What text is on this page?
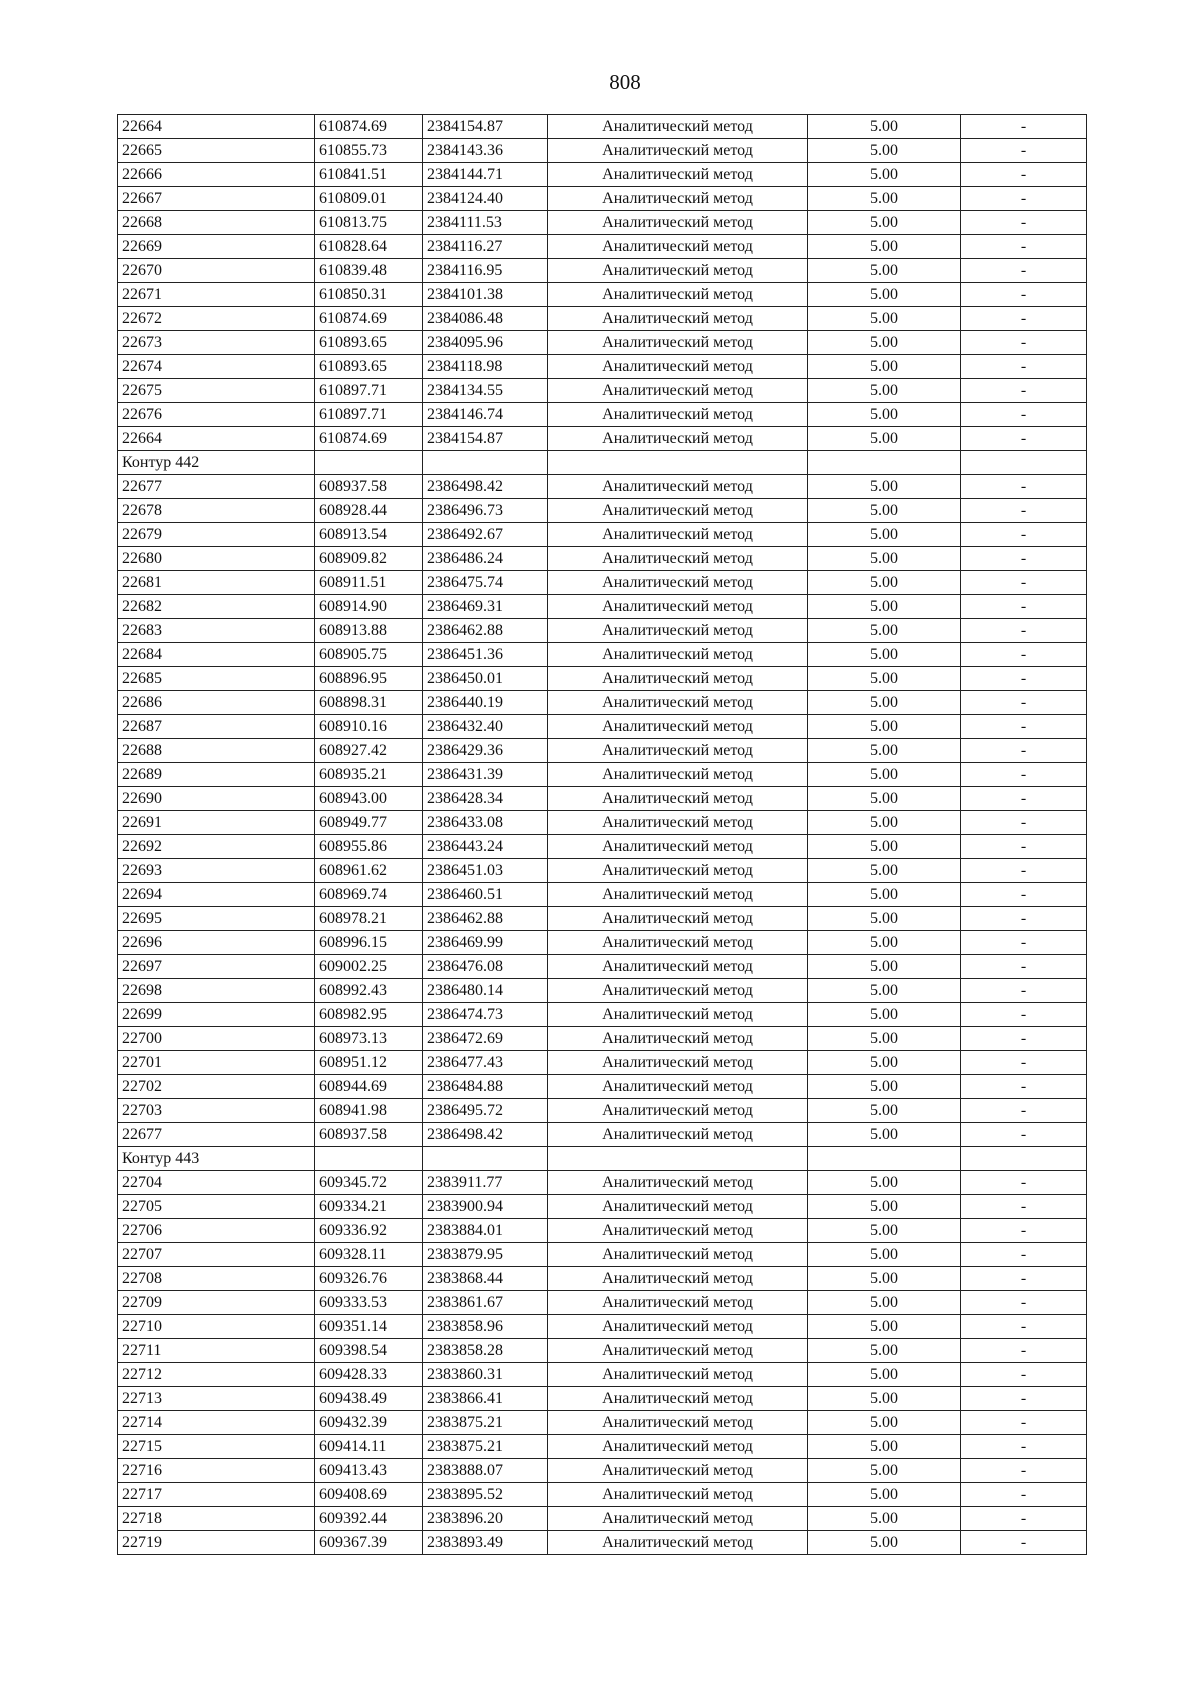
808
22664	610874.69	2384154.87	Аналитический метод	5.00	-
22665	610855.73	2384143.36	Аналитический метод	5.00	-
22666	610841.51	2384144.71	Аналитический метод	5.00	-
22667	610809.01	2384124.40	Аналитический метод	5.00	-
22668	610813.75	2384111.53	Аналитический метод	5.00	-
22669	610828.64	2384116.27	Аналитический метод	5.00	-
22670	610839.48	2384116.95	Аналитический метод	5.00	-
22671	610850.31	2384101.38	Аналитический метод	5.00	-
22672	610874.69	2384086.48	Аналитический метод	5.00	-
22673	610893.65	2384095.96	Аналитический метод	5.00	-
22674	610893.65	2384118.98	Аналитический метод	5.00	-
22675	610897.71	2384134.55	Аналитический метод	5.00	-
22676	610897.71	2384146.74	Аналитический метод	5.00	-
22664	610874.69	2384154.87	Аналитический метод	5.00	-
Контур 442					
22677	608937.58	2386498.42	Аналитический метод	5.00	-
22678	608928.44	2386496.73	Аналитический метод	5.00	-
22679	608913.54	2386492.67	Аналитический метод	5.00	-
22680	608909.82	2386486.24	Аналитический метод	5.00	-
22681	608911.51	2386475.74	Аналитический метод	5.00	-
22682	608914.90	2386469.31	Аналитический метод	5.00	-
22683	608913.88	2386462.88	Аналитический метод	5.00	-
22684	608905.75	2386451.36	Аналитический метод	5.00	-
22685	608896.95	2386450.01	Аналитический метод	5.00	-
22686	608898.31	2386440.19	Аналитический метод	5.00	-
22687	608910.16	2386432.40	Аналитический метод	5.00	-
22688	608927.42	2386429.36	Аналитический метод	5.00	-
22689	608935.21	2386431.39	Аналитический метод	5.00	-
22690	608943.00	2386428.34	Аналитический метод	5.00	-
22691	608949.77	2386433.08	Аналитический метод	5.00	-
22692	608955.86	2386443.24	Аналитический метод	5.00	-
22693	608961.62	2386451.03	Аналитический метод	5.00	-
22694	608969.74	2386460.51	Аналитический метод	5.00	-
22695	608978.21	2386462.88	Аналитический метод	5.00	-
22696	608996.15	2386469.99	Аналитический метод	5.00	-
22697	609002.25	2386476.08	Аналитический метод	5.00	-
22698	608992.43	2386480.14	Аналитический метод	5.00	-
22699	608982.95	2386474.73	Аналитический метод	5.00	-
22700	608973.13	2386472.69	Аналитический метод	5.00	-
22701	608951.12	2386477.43	Аналитический метод	5.00	-
22702	608944.69	2386484.88	Аналитический метод	5.00	-
22703	608941.98	2386495.72	Аналитический метод	5.00	-
22677	608937.58	2386498.42	Аналитический метод	5.00	-
Контур 443					
22704	609345.72	2383911.77	Аналитический метод	5.00	-
22705	609334.21	2383900.94	Аналитический метод	5.00	-
22706	609336.92	2383884.01	Аналитический метод	5.00	-
22707	609328.11	2383879.95	Аналитический метод	5.00	-
22708	609326.76	2383868.44	Аналитический метод	5.00	-
22709	609333.53	2383861.67	Аналитический метод	5.00	-
22710	609351.14	2383858.96	Аналитический метод	5.00	-
22711	609398.54	2383858.28	Аналитический метод	5.00	-
22712	609428.33	2383860.31	Аналитический метод	5.00	-
22713	609438.49	2383866.41	Аналитический метод	5.00	-
22714	609432.39	2383875.21	Аналитический метод	5.00	-
22715	609414.11	2383875.21	Аналитический метод	5.00	-
22716	609413.43	2383888.07	Аналитический метод	5.00	-
22717	609408.69	2383895.52	Аналитический метод	5.00	-
22718	609392.44	2383896.20	Аналитический метод	5.00	-
22719	609367.39	2383893.49	Аналитический метод	5.00	-
